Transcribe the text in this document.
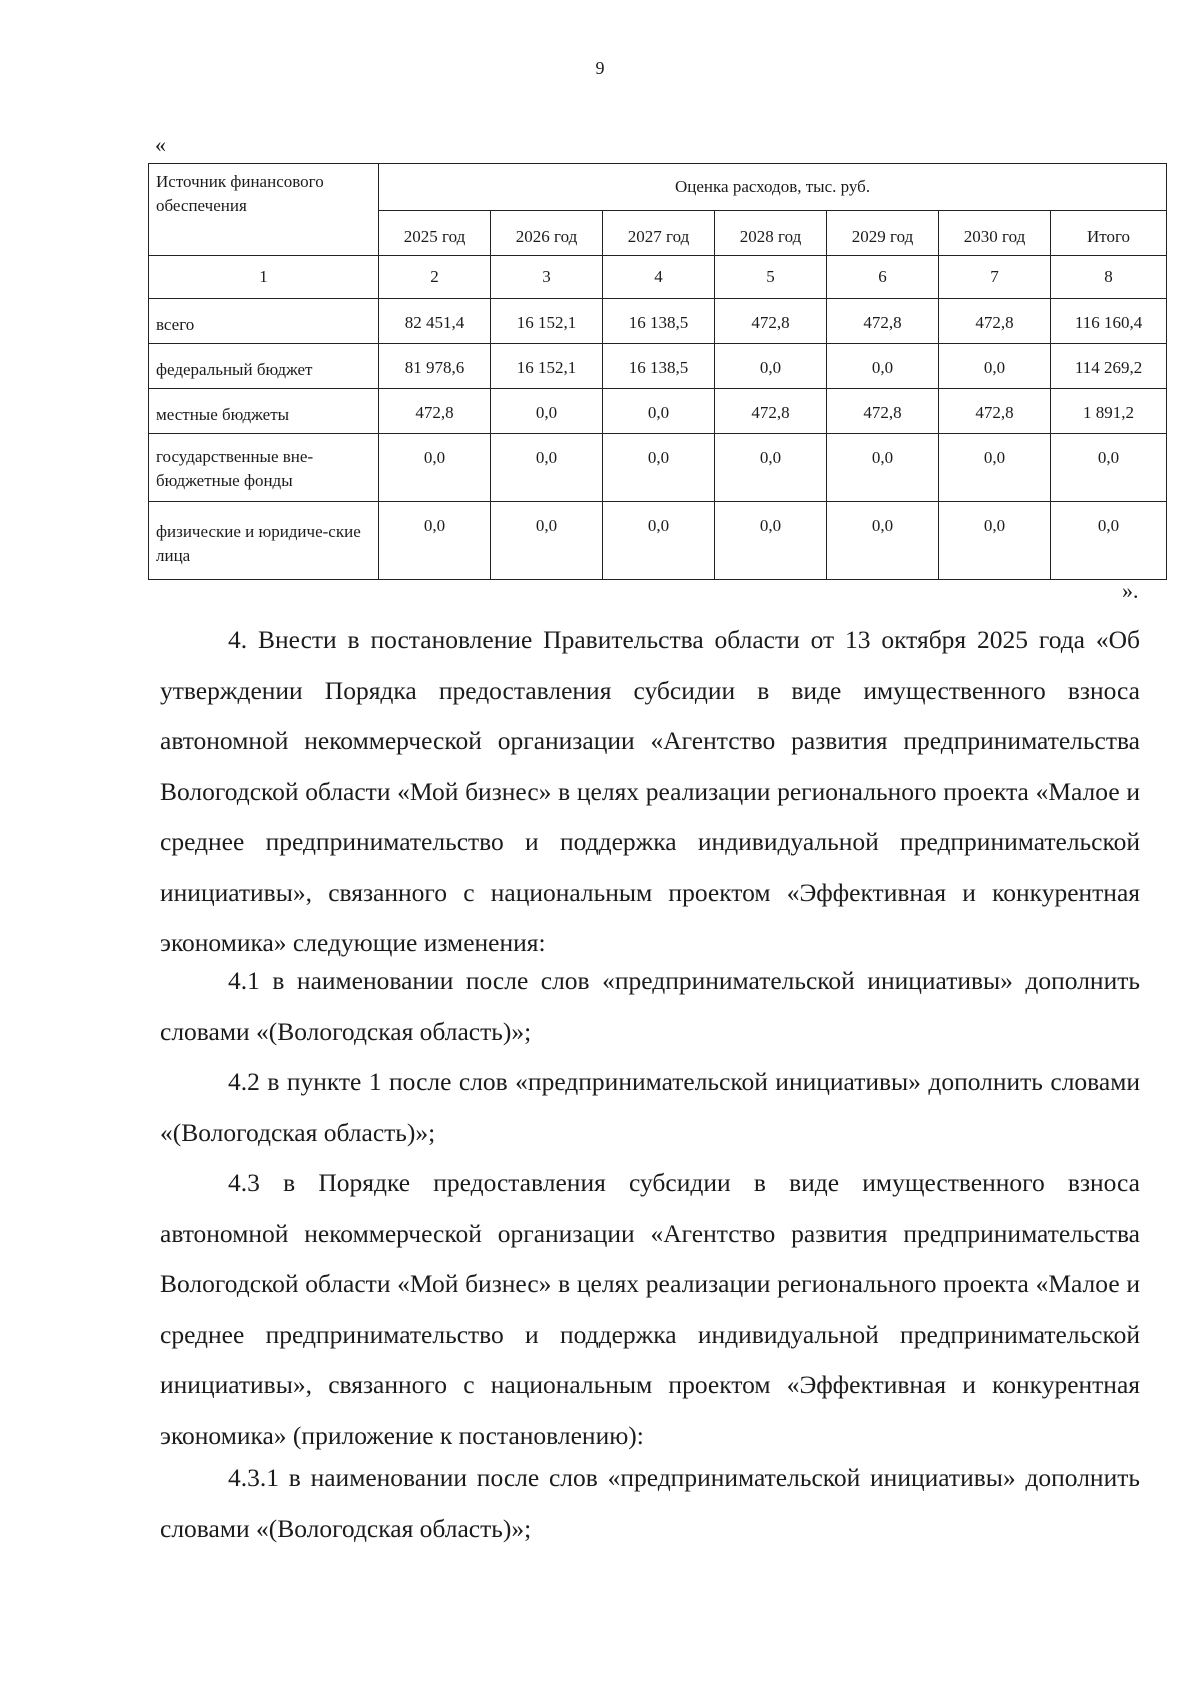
9
«
Источник финансового обеспечения	Оценка расходов, тыс. руб.						
	2025 год	2026 год	2027 год	2028 год	2029 год	2030 год	Итого
1	2	3	4	5	6	7	8
всего	82 451,4	16 152,1	16 138,5	472,8	472,8	472,8	116 160,4
федеральный бюджет	81 978,6	16 152,1	16 138,5	0,0	0,0	0,0	114 269,2
местные бюджеты	472,8	0,0	0,0	472,8	472,8	472,8	1 891,2
государственные вне-бюджетные фонды	0,0	0,0	0,0	0,0	0,0	0,0	0,0
физические и юридиче-ские лица	0,0	0,0	0,0	0,0	0,0	0,0	0,0
».

4. Внести в постановление Правительства области от 13 октября 2025 года «Об утверждении Порядка предоставления субсидии в виде имущественного взноса автономной некоммерческой организации «Агентство развития предпринимательства Вологодской области «Мой бизнес» в целях реализации регионального проекта «Малое и среднее предпринимательство и поддержка индивидуальной предпринимательской инициативы», связанного с национальным проектом «Эффективная и конкурентная экономика» следующие изменения:

4.1 в наименовании после слов «предпринимательской инициативы» дополнить словами «(Вологодская область)»;

4.2 в пункте 1 после слов «предпринимательской инициативы» дополнить словами «(Вологодская область)»;

4.3 в Порядке предоставления субсидии в виде имущественного взноса автономной некоммерческой организации «Агентство развития предпринимательства Вологодской области «Мой бизнес» в целях реализации регионального проекта «Малое и среднее предпринимательство и поддержка индивидуальной предпринимательской инициативы», связанного с национальным проектом «Эффективная и конкурентная экономика» (приложение к постановлению):

4.3.1 в наименовании после слов «предпринимательской инициативы» дополнить словами «(Вологодская область)»;
